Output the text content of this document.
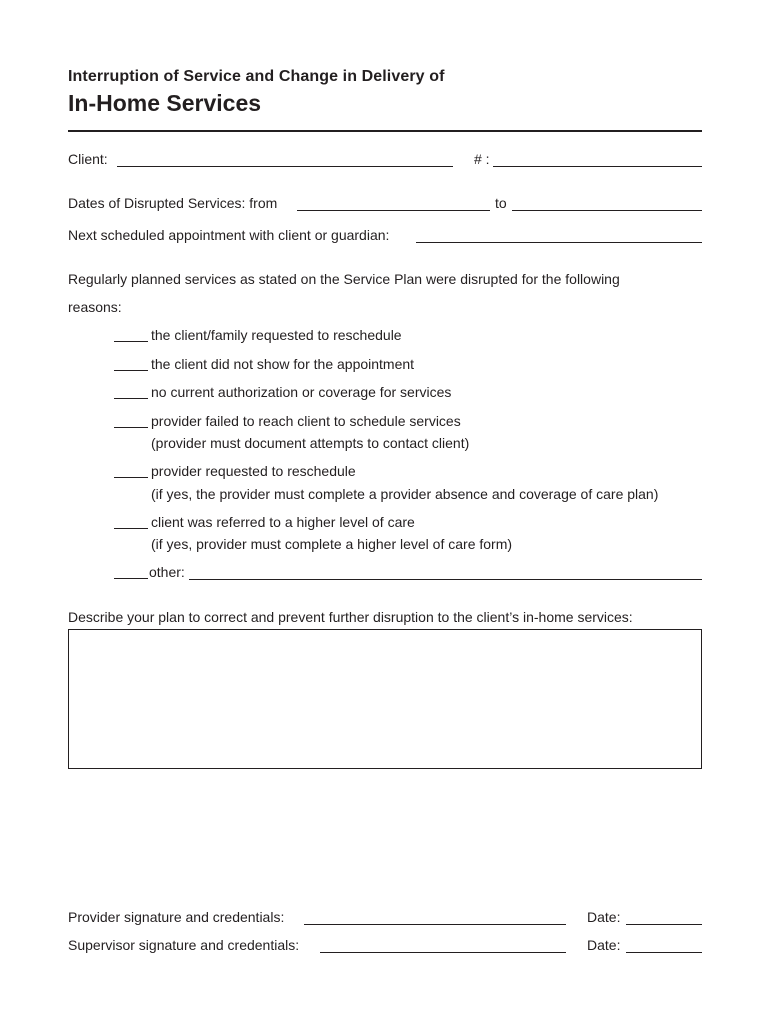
Interruption of Service and Change in Delivery of
In-Home Services
Client:	# :
Dates of Disrupted Services: from	to
Next scheduled appointment with client or guardian:
Regularly planned services as stated on the Service Plan were disrupted for the following
reasons:
the client/family requested to reschedule
the client did not show for the appointment
no current authorization or coverage for services
provider failed to reach client to schedule services
(provider must document attempts to contact client)
provider requested to reschedule
(if yes, the provider must complete a provider absence and coverage of care plan)
client was referred to a higher level of care
(if yes, provider must complete a higher level of care form)
other:
Describe your plan to correct and prevent further disruption to the client’s in-home services:
Provider signature and credentials:	Date:
Supervisor signature and credentials:	Date:
